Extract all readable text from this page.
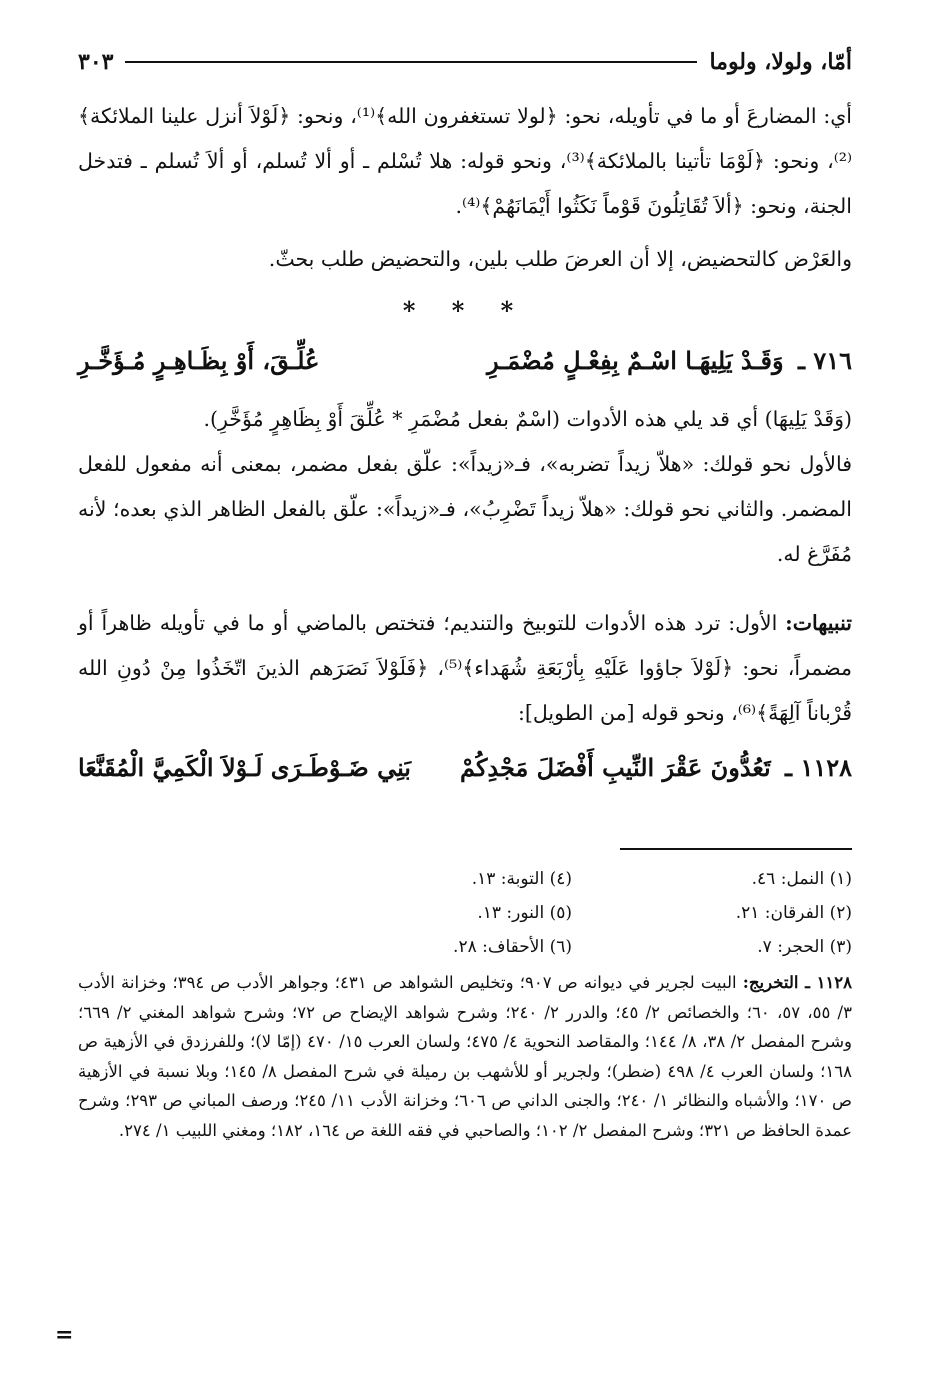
أمّا، ولولا، ولوما
٣٠٣

أي: المضارعَ أو ما في تأويله، نحو: ﴿لولا تستغفرون الله﴾⁽¹⁾، ونحو: ﴿لَوْلاَ أنزل علينا الملائكة﴾⁽²⁾، ونحو: ﴿لَوْمَا تأتينا بالملائكة﴾⁽³⁾، ونحو قوله: هلا تُسْلم ـ أو ألا تُسلم، أو ألاَ تُسلم ـ فتدخل الجنة، ونحو: ﴿ألاَ تُقَاتِلُونَ قَوْماً نَكَثُوا أَيْمَانَهُمْ﴾⁽⁴⁾.

والعَرْض كالتحضيض، إلا أن العرضَ طلب بلين، والتحضيض طلب بحثّ.

* * *
٧١٦ ـ وَقَـدْ يَلِيهَـا اسْـمٌ بِفِعْـلٍ مُضْمَـرِ
عُلِّـقَ، أَوْ بِظَـاهِـرٍ مُـؤَخَّـرِ

(وَقَدْ يَلِيهَا) أي قد يلي هذه الأدوات (اسْمٌ بفعل مُضْمَرِ * عُلِّقَ أَوْ بِظَاهِرٍ مُؤَخَّرِ).

فالأول نحو قولك: «هلاّ زيداً تضربه»، فـ«زيداً»: علّق بفعل مضمر، بمعنى أنه مفعول للفعل المضمر. والثاني نحو قولك: «هلاّ زيداً تَضْرِبُ»، فـ«زيداً»: علّق بالفعل الظاهر الذي بعده؛ لأنه مُفَرَّغ له.

تنبيهات: الأول: ترد هذه الأدوات للتوبيخ والتنديم؛ فتختص بالماضي أو ما في تأويله ظاهراً أو مضمراً، نحو: ﴿لَوْلاَ جاؤوا عَلَيْهِ بِأرْبَعَةِ شُهَداء﴾⁽⁵⁾، ﴿فَلَوْلاَ نَصَرَهم الذينَ اتّخَذُوا مِنْ دُونِ الله قُرْباناً آلِهَةً﴾⁽⁶⁾، ونحو قوله [من الطويل]:

١١٢٨ ـ تَعُدُّونَ عَقْرَ النِّيبِ أَفْضَلَ مَجْدِكُمْ
بَنِي ضَـوْطَـرَى لَـوْلاَ الْكَمِيَّ الْمُقَنَّعَا
(١) النمل: ٤٦.
(٤) التوبة: ١٣.
(٢) الفرقان: ٢١.
(٥) النور: ١٣.
(٣) الحجر: ٧.
(٦) الأحقاف: ٢٨.

١١٢٨ ـ التخريج: البيت لجرير في ديوانه ص ٩٠٧؛ وتخليص الشواهد ص ٤٣١؛ وجواهر الأدب ص ٣٩٤؛ وخزانة الأدب ٣/ ٥٥، ٥٧، ٦٠؛ والخصائص ٢/ ٤٥؛ والدرر ٢/ ٢٤٠؛ وشرح شواهد الإيضاح ص ٧٢؛ وشرح شواهد المغني ٢/ ٦٦٩؛ وشرح المفصل ٢/ ٣٨، ٨/ ١٤٤؛ والمقاصد النحوية ٤/ ٤٧٥؛ ولسان العرب ١٥/ ٤٧٠ (إمّا لا)؛ وللفرزدق في الأزهية ص ١٦٨؛ ولسان العرب ٤/ ٤٩٨ (ضطر)؛ ولجرير أو للأشهب بن رميلة في شرح المفصل ٨/ ١٤٥؛ وبلا نسبة في الأزهية ص ١٧٠؛ والأشباه والنظائر ١/ ٢٤٠؛ والجنى الداني ص ٦٠٦؛ وخزانة الأدب ١١/ ٢٤٥؛ ورصف المباني ص ٢٩٣؛ وشرح عمدة الحافظ ص ٣٢١؛ وشرح المفصل ٢/ ١٠٢؛ والصاحبي في فقه اللغة ص ١٦٤، ١٨٢؛ ومغني اللبيب ١/ ٢٧٤.

=
